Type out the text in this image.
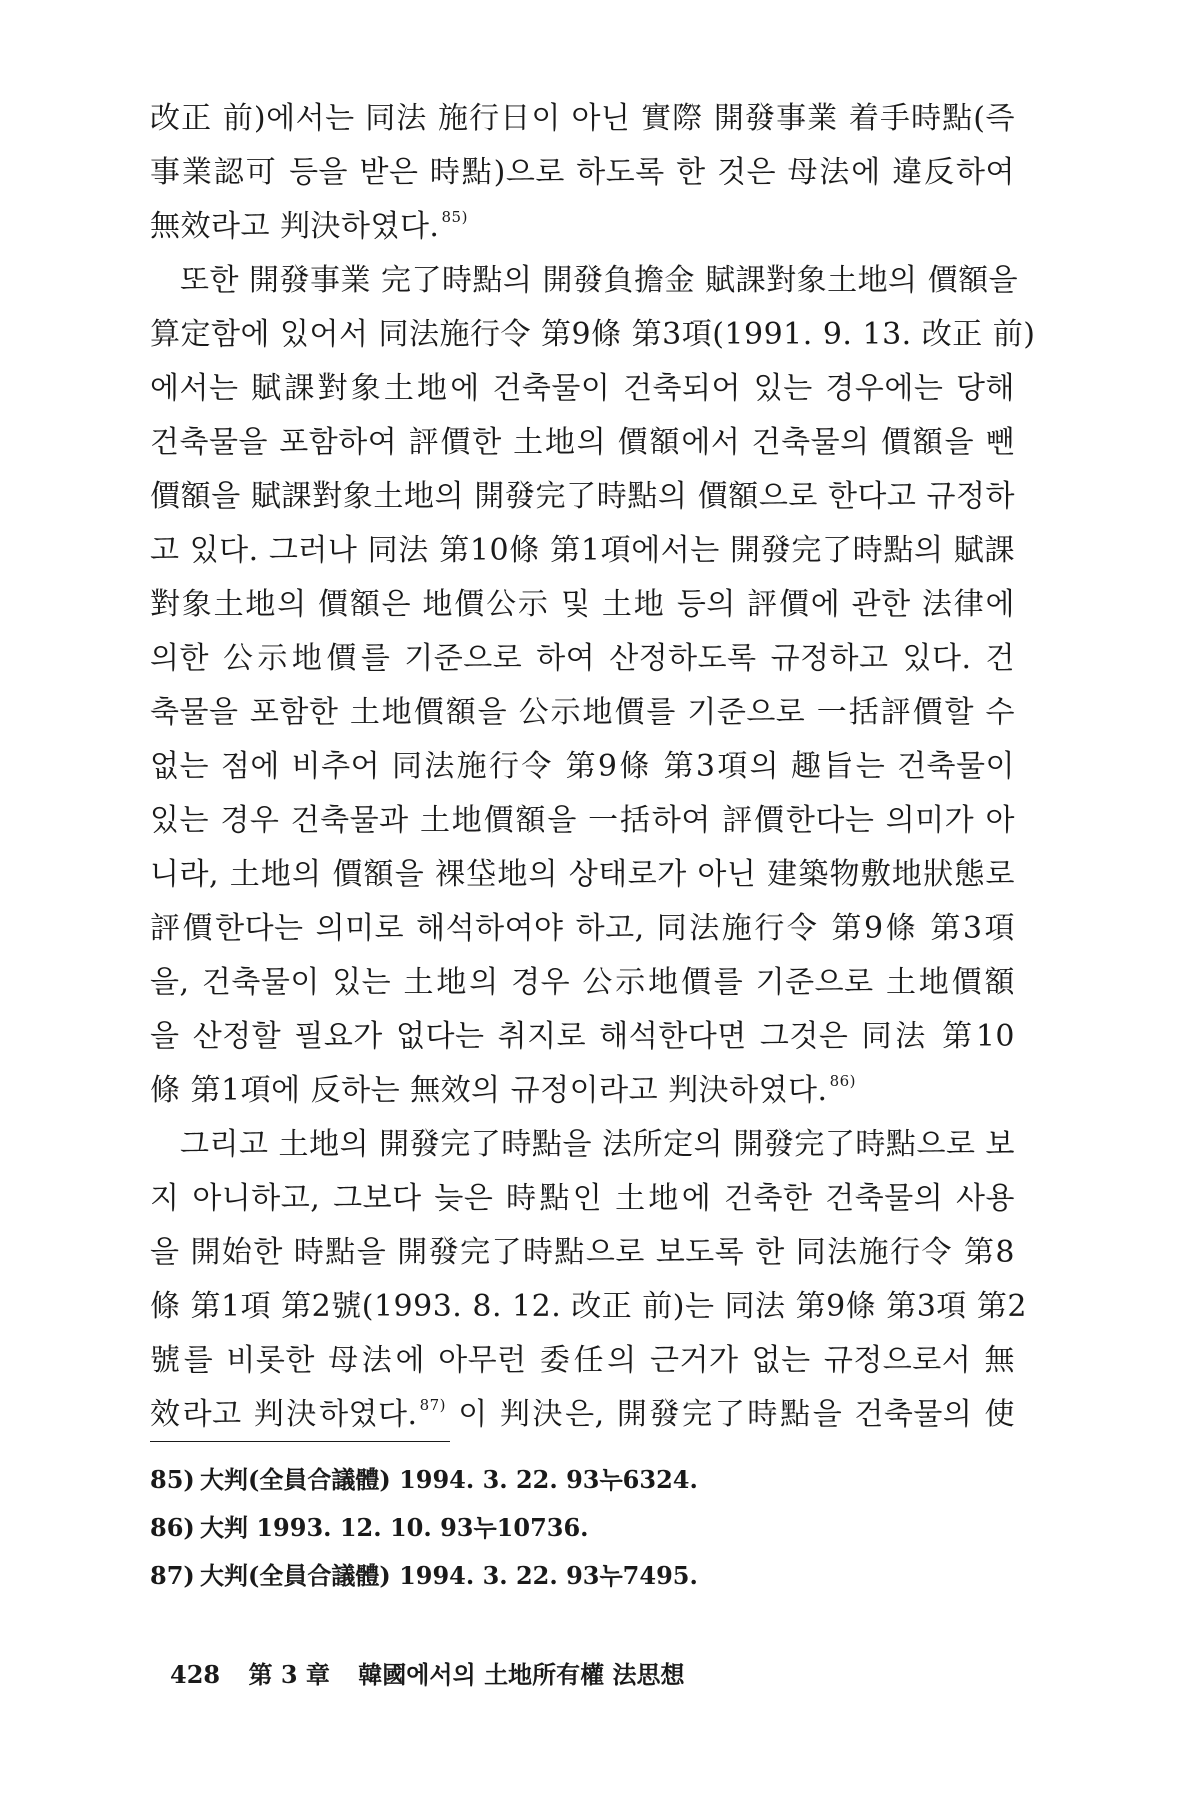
改正 前)에서는 同法 施行日이 아닌 實際 開發事業 着手時點(즉
事業認可 등을 받은 時點)으로 하도록 한 것은 母法에 違反하여
無效라고 判決하였다. $^{85)}$
또한 開發事業 完了時點의 開發負擔金 賦課對象土地의 價額을
算定함에 있어서 同法施行令 第9條 第3項(1991. 9. 13. 改正 前)
에서는 賦課對象土地에 건축물이 건축되어 있는 경우에는 당해
건축물을 포함하여 評價한 土地의 價額에서 건축물의 價額을 뺀
價額을 賦課對象土地의 開發完了時點의 價額으로 한다고 규정하
고 있다. 그러나 同法 第10條 第1項에서는 開發完了時點의 賦課
對象土地의 價額은 地價公示 및 土地 등의 評價에 관한 法律에
의한 公示地價를 기준으로 하여 산정하도록 규정하고 있다. 건
축물을 포함한 土地價額을 公示地價를 기준으로 一括評價할 수
없는 점에 비추어 同法施行令 第9條 第3項의 趣旨는 건축물이
있는 경우 건축물과 土地價額을 一括하여 評價한다는 의미가 아
니라, 土地의 價額을 裸垈地의 상태로가 아닌 建築物敷地狀態로
評價한다는 의미로 해석하여야 하고, 同法施行令 第9條 第3項
을, 건축물이 있는 土地의 경우 公示地價를 기준으로 土地價額
을 산정할 필요가 없다는 취지로 해석한다면 그것은 同法 第10
條 第1項에 反하는 無效의 규정이라고 判決하였다. $^{86)}$
그리고 土地의 開發完了時點을 法所定의 開發完了時點으로 보
지 아니하고, 그보다 늦은 時點인 土地에 건축한 건축물의 사용
을 開始한 時點을 開發完了時點으로 보도록 한 同法施行令 第8
條 第1項 第2號(1993. 8. 12. 改正 前)는 同法 第9條 第3項 第2
號를 비롯한 母法에 아무런 委任의 근거가 없는 규정으로서 無
效라고 判決하였다. $^{87)}$ 이 判決은, 開發完了時點을 건축물의 使
85) 大判(全員合議體) 1994. 3. 22. 93누6324.
86) 大判 1993. 12. 10. 93누10736.
87) 大判(全員合議體) 1994. 3. 22. 93누7495.
428 第 3 章 韓國에서의 土地所有權 法思想
